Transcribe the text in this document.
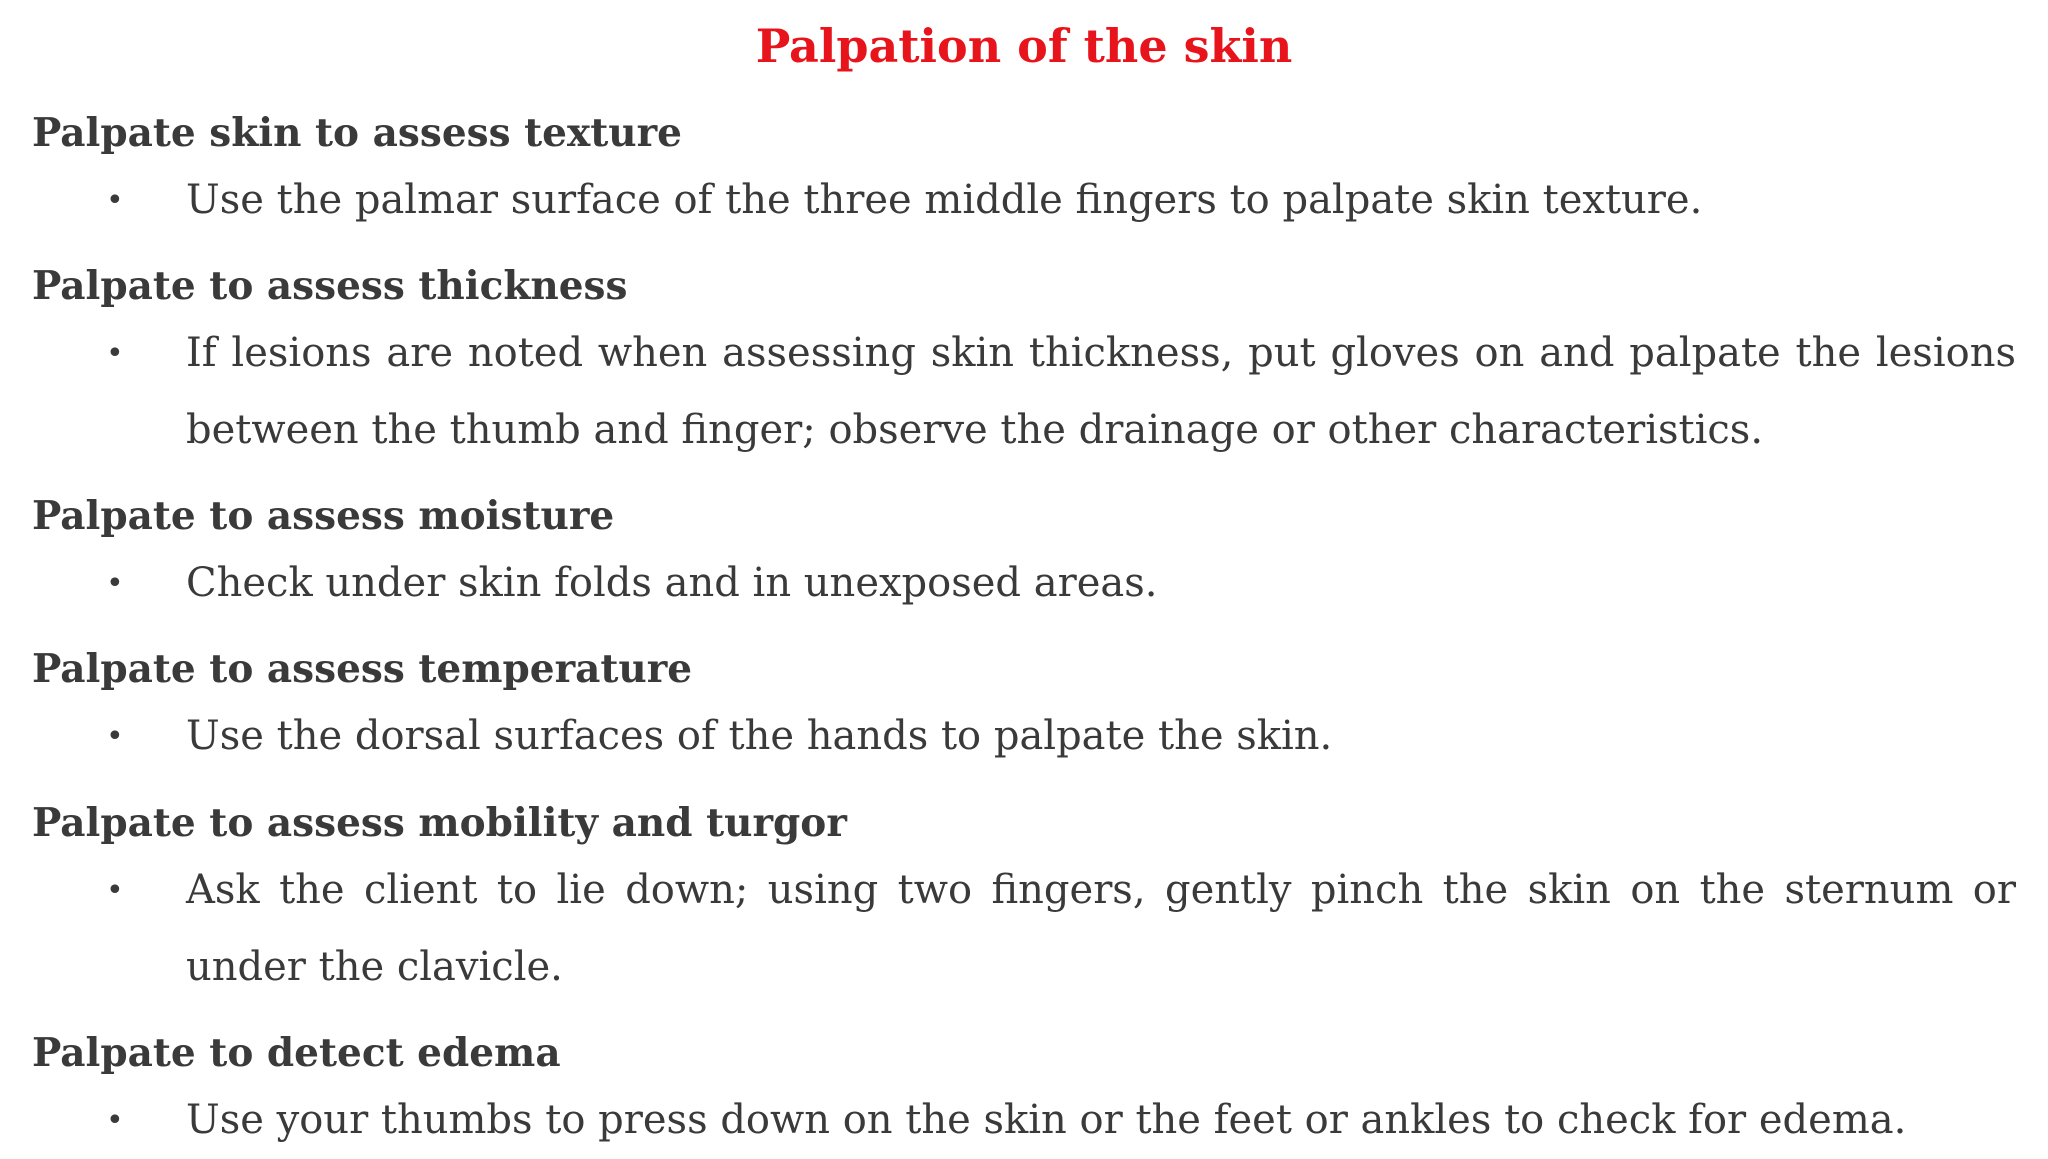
Palpation of the skin
Palpate skin to assess texture
• Use the palmar surface of the three middle fingers to palpate skin texture.
Palpate to assess thickness
• If lesions are noted when assessing skin thickness, put gloves on and palpate the lesions between the thumb and finger; observe the drainage or other characteristics.
Palpate to assess moisture
• Check under skin folds and in unexposed areas.
Palpate to assess temperature
• Use the dorsal surfaces of the hands to palpate the skin.
Palpate to assess mobility and turgor
• Ask the client to lie down; using two fingers, gently pinch the skin on the sternum or under the clavicle.
Palpate to detect edema
• Use your thumbs to press down on the skin or the feet or ankles to check for edema.
